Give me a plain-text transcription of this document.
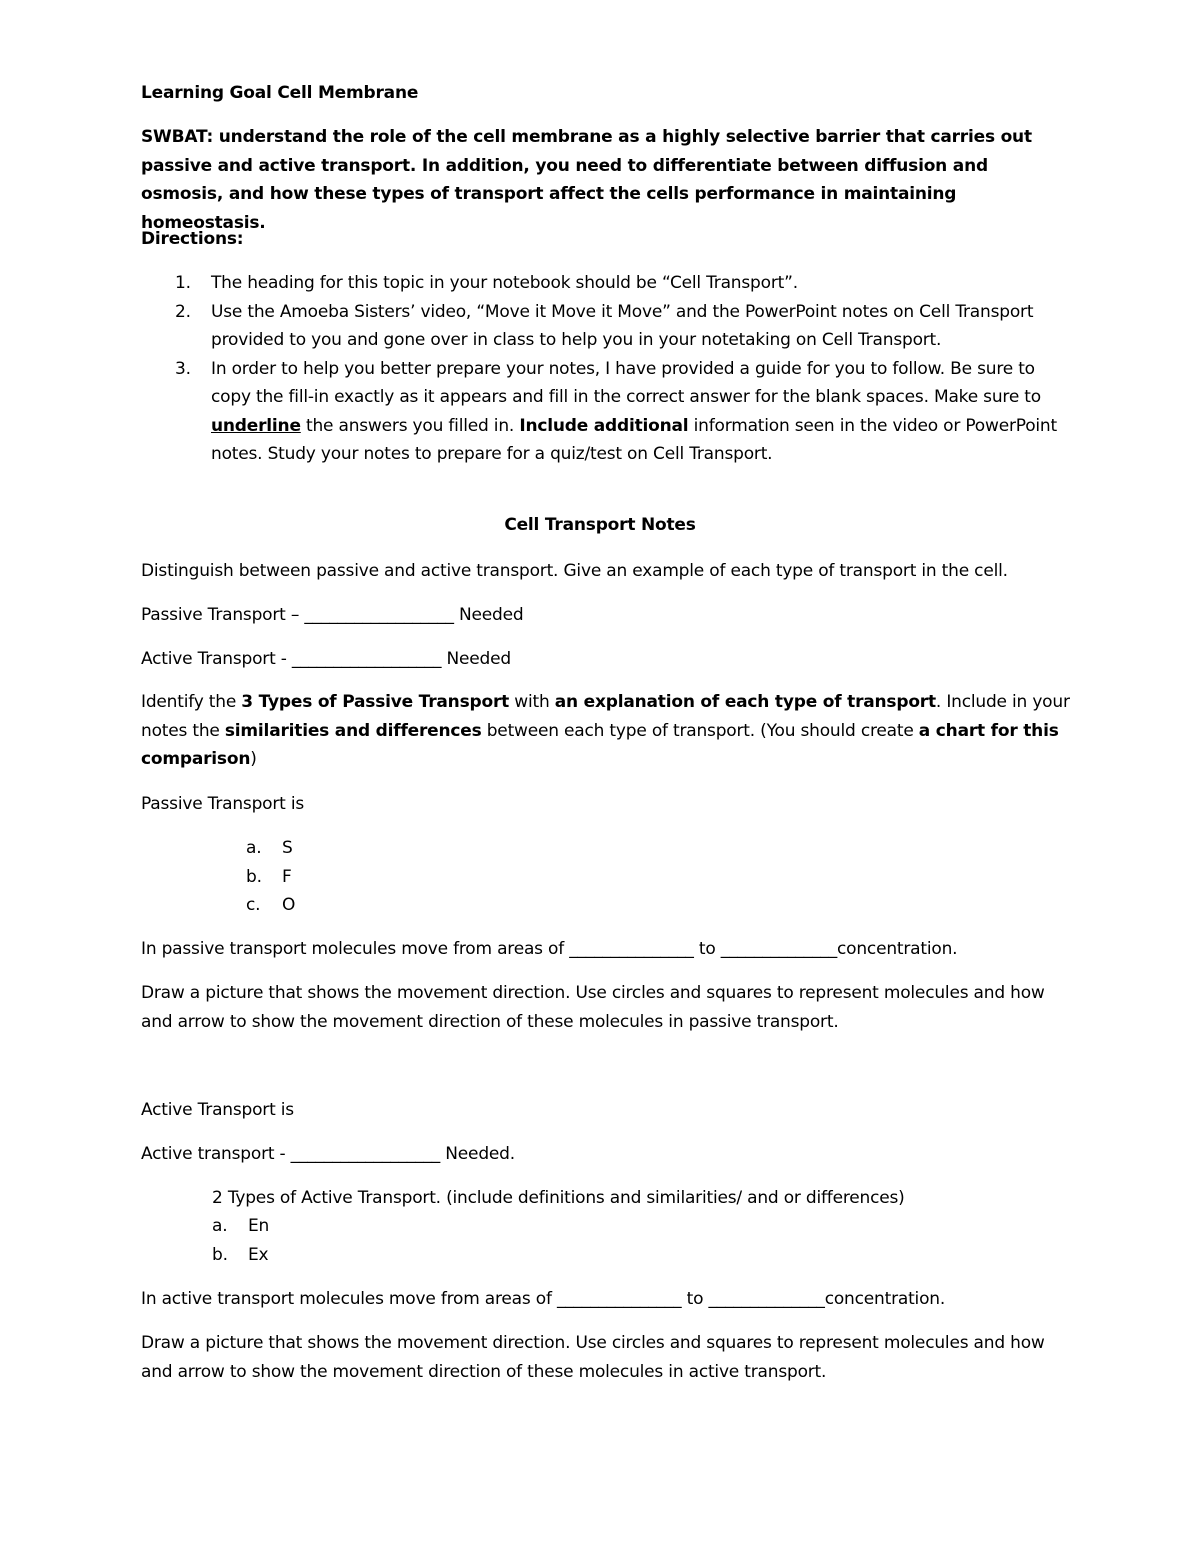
Learning Goal Cell Membrane

SWBAT: understand the role of the cell membrane as a highly selective barrier that carries out passive and active transport. In addition, you need to differentiate between diffusion and osmosis, and how these types of transport affect the cells performance in maintaining homeostasis.

Directions:

1. The heading for this topic in your notebook should be “Cell Transport”.
2. Use the Amoeba Sisters’ video, “Move it Move it Move” and the PowerPoint notes on Cell Transport provided to you and gone over in class to help you in your notetaking on Cell Transport.
3. In order to help you better prepare your notes, I have provided a guide for you to follow. Be sure to copy the fill-in exactly as it appears and fill in the correct answer for the blank spaces. Make sure to underline the answers you filled in. Include additional information seen in the video or PowerPoint notes. Study your notes to prepare for a quiz/test on Cell Transport.

Cell Transport Notes

Distinguish between passive and active transport. Give an example of each type of transport in the cell.

Passive Transport – __________________ Needed

Active Transport - __________________ Needed

Identify the 3 Types of Passive Transport with an explanation of each type of transport. Include in your notes the similarities and differences between each type of transport. (You should create a chart for this comparison)

Passive Transport is

a. S
b. F
c. O

In passive transport molecules move from areas of _______________ to ______________concentration.

Draw a picture that shows the movement direction. Use circles and squares to represent molecules and how and arrow to show the movement direction of these molecules in passive transport.

Active Transport is

Active transport - __________________ Needed.

2 Types of Active Transport. (include definitions and similarities/ and or differences)

a. En
b. Ex

In active transport molecules move from areas of _______________ to ______________concentration.

Draw a picture that shows the movement direction. Use circles and squares to represent molecules and how and arrow to show the movement direction of these molecules in active transport.
